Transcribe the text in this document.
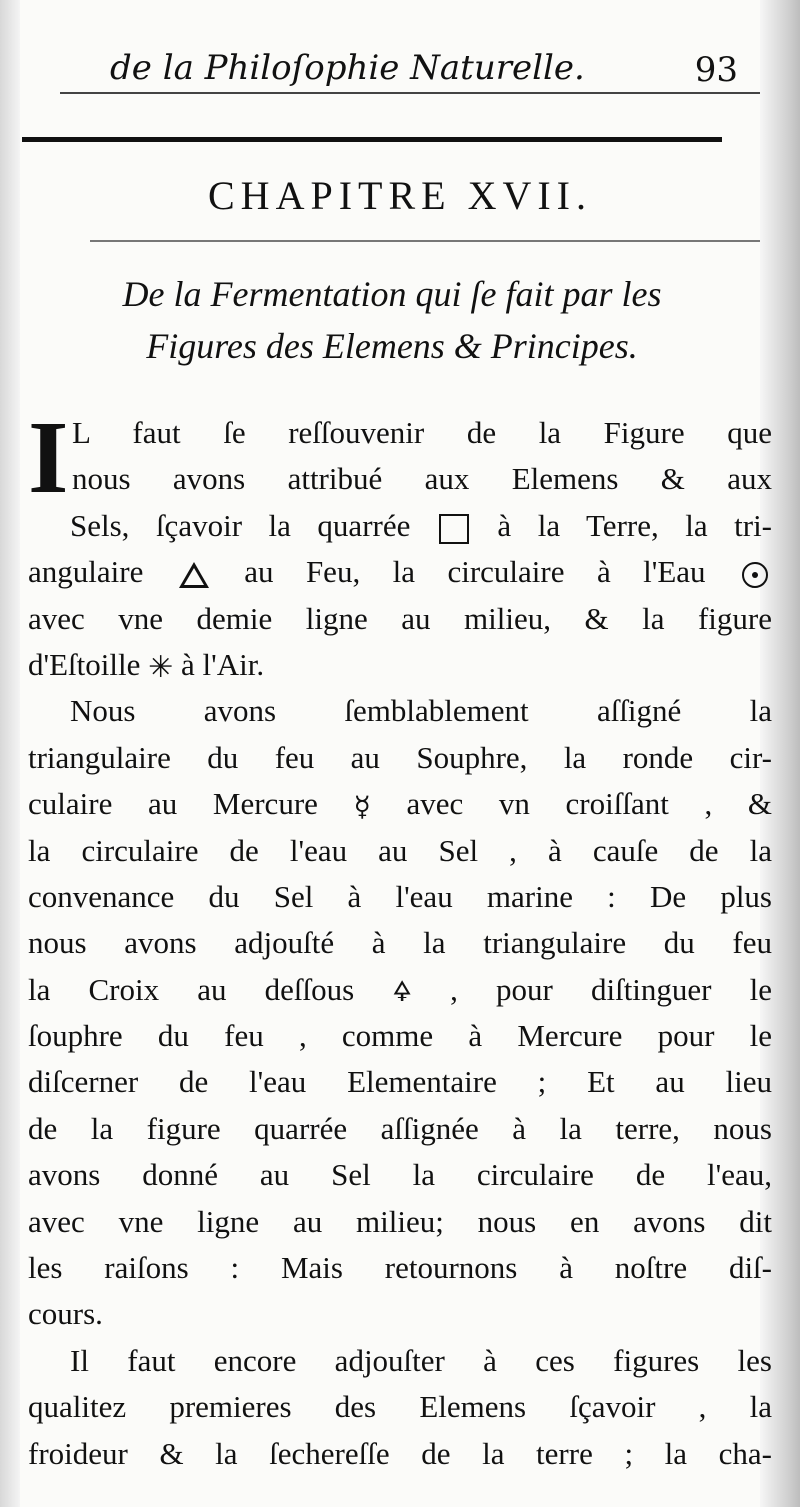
de la Philoſophie Naturelle.	93
CHAPITRE XVII.
De la Fermentation qui ſe fait par les
Figures des Elemens & Principes.
I L faut ſe reſſouvenir de la Figure que
nous avons attribué aux Elemens & aux
Sels, ſçavoir la quarrée	à la Terre, la tri-
angulaire	au Feu, la circulaire à l'Eau
avec vne demie ligne au milieu, & la figure
d'Eſtoille ✳ à l'Air.
Nous avons ſemblablement aſſigné la
triangulaire du feu au Souphre, la ronde cir-
culaire au Mercure ☿ avec vn croiſſant , &
la circulaire de l'eau au Sel , à cauſe de la
convenance du Sel à l'eau marine : De plus
nous avons adjouſté à la triangulaire du feu
la Croix au deſſous 🜍 , pour diſtinguer le
ſouphre du feu , comme à Mercure pour le
diſcerner de l'eau Elementaire ; Et au lieu
de la figure quarrée aſſignée à la terre, nous
avons donné au Sel la circulaire de l'eau,
avec vne ligne au milieu; nous en avons dit
les raiſons : Mais retournons à noſtre diſ-
cours.
Il faut encore adjouſter à ces figures les
qualitez premieres des Elemens ſçavoir , la
froideur & la ſechereſſe de la terre ; la cha-
